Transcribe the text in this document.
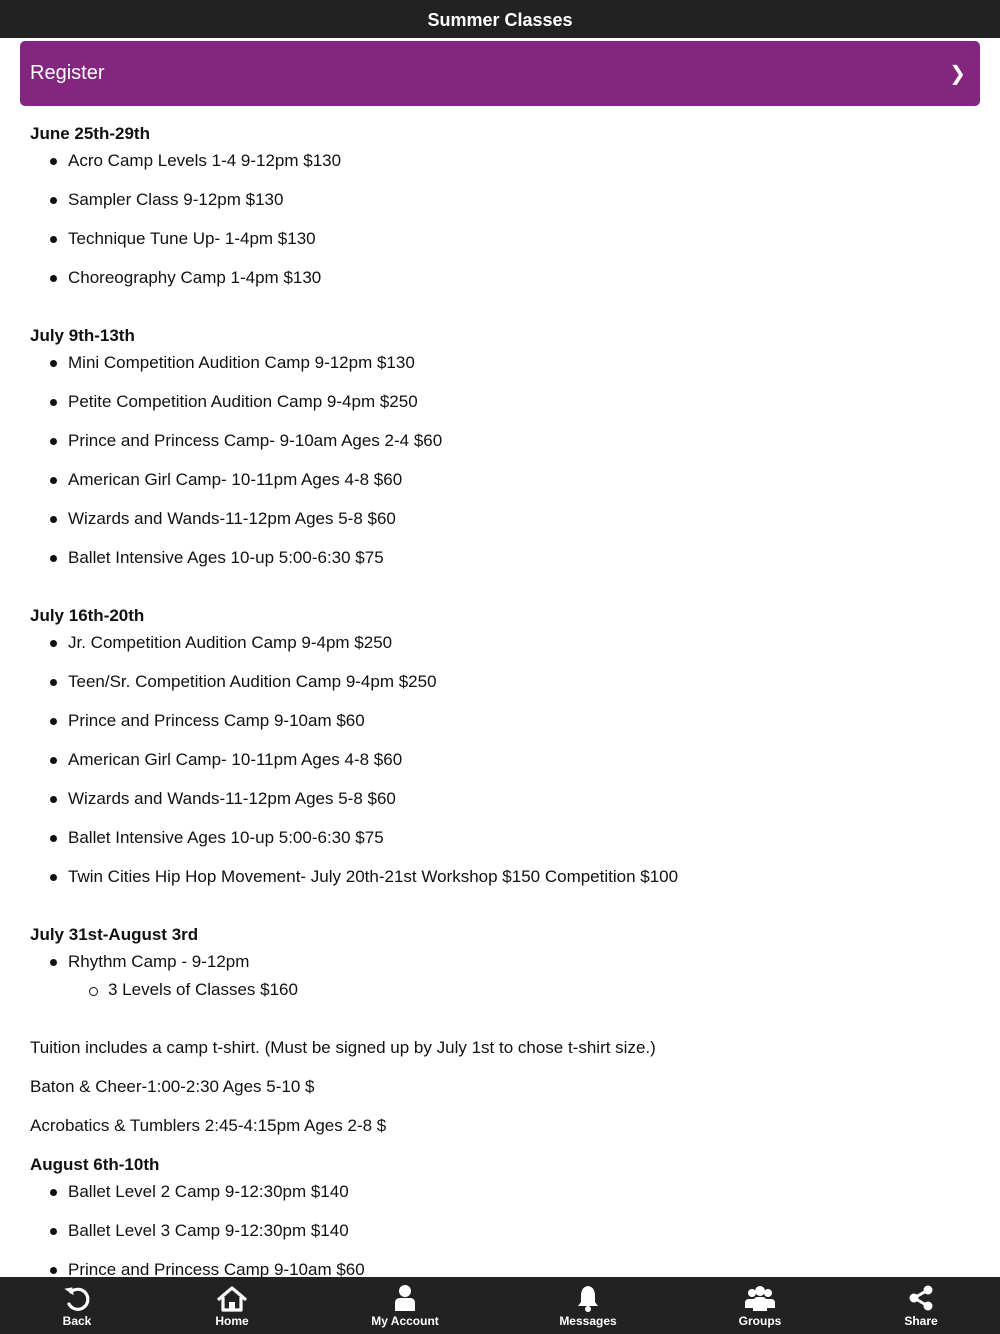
Summer Classes
Register	❯
June 25th-29th
Acro Camp Levels 1-4 9-12pm $130
Sampler Class 9-12pm $130
Technique Tune Up- 1-4pm $130
Choreography Camp 1-4pm $130
July 9th-13th
Mini Competition Audition Camp 9-12pm $130
Petite Competition Audition Camp 9-4pm $250
Prince and Princess Camp- 9-10am Ages 2-4 $60
American Girl Camp- 10-11pm Ages 4-8 $60
Wizards and Wands-11-12pm Ages 5-8 $60
Ballet Intensive Ages 10-up 5:00-6:30 $75
July 16th-20th
Jr. Competition Audition Camp 9-4pm $250
Teen/Sr. Competition Audition Camp 9-4pm $250
Prince and Princess Camp 9-10am $60
American Girl Camp- 10-11pm Ages 4-8 $60
Wizards and Wands-11-12pm Ages 5-8 $60
Ballet Intensive Ages 10-up 5:00-6:30 $75
Twin Cities Hip Hop Movement- July 20th-21st Workshop $150 Competition $100
July 31st-August 3rd
Rhythm Camp - 9-12pm
3 Levels of Classes $160
Tuition includes a camp t-shirt. (Must be signed up by July 1st to chose t-shirt size.)
Baton & Cheer-1:00-2:30 Ages 5-10 $
Acrobatics & Tumblers 2:45-4:15pm Ages 2-8 $
August 6th-10th
Ballet Level 2 Camp 9-12:30pm $140
Ballet Level 3 Camp 9-12:30pm $140
Prince and Princess Camp 9-10am $60
Back	Home	My Account	Messages	Groups	Share
